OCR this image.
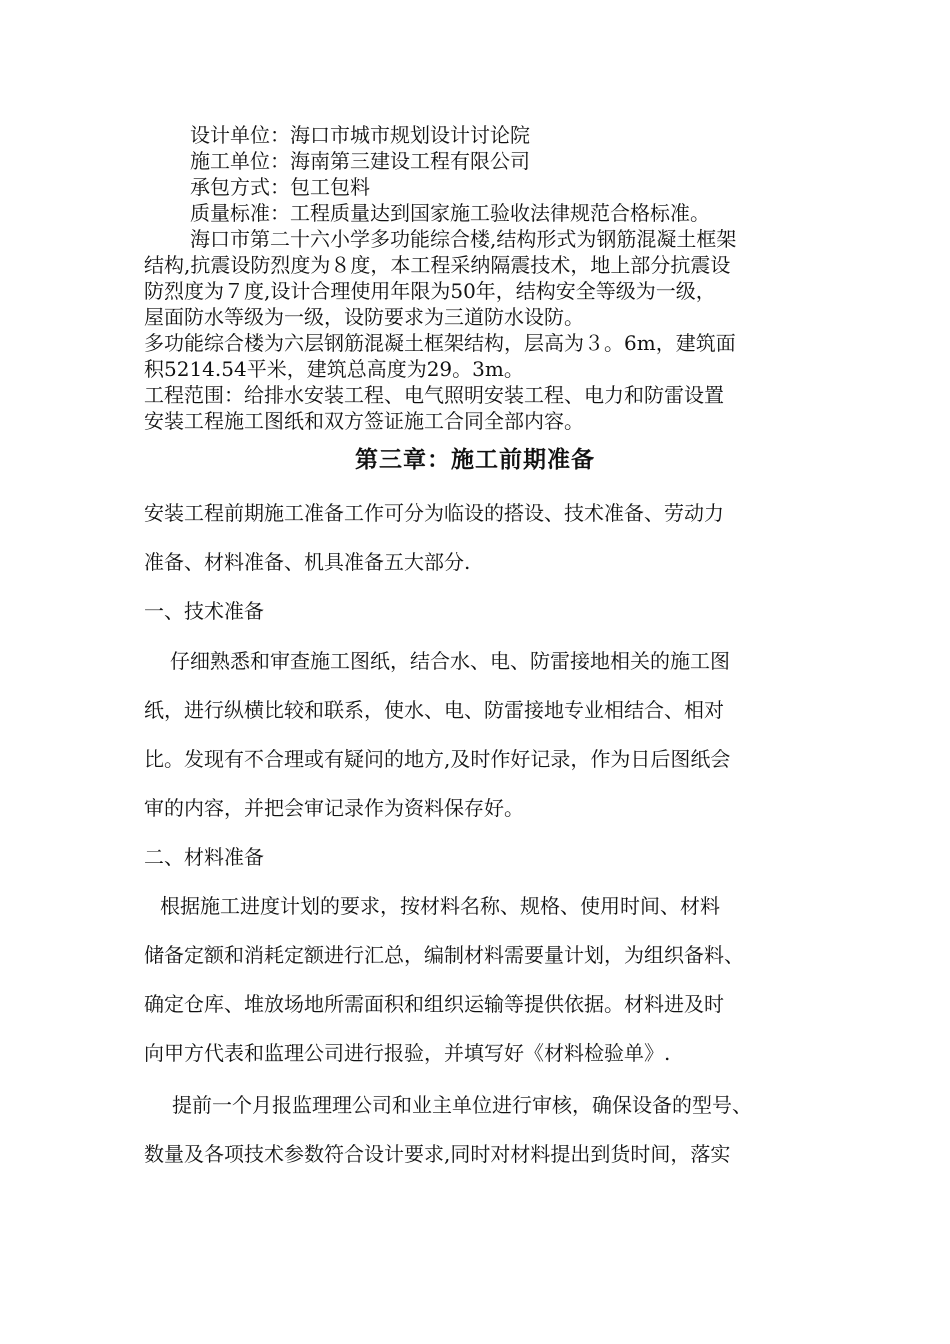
设计单位：海口市城市规划设计讨论院
施工单位：海南第三建设工程有限公司
承包方式：包工包料
质量标准：工程质量达到国家施工验收法律规范合格标准。
海口市第二十六小学多功能综合楼,结构形式为钢筋混凝土框架
结构,抗震设防烈度为８度，本工程采纳隔震技术，地上部分抗震设
防烈度为７度,设计合理使用年限为50年，结构安全等级为一级，
屋面防水等级为一级，设防要求为三道防水设防。
多功能综合楼为六层钢筋混凝土框架结构，层高为３。6m，建筑面
积5214.54平米，建筑总高度为29。3m。
工程范围：给排水安装工程、电气照明安装工程、电力和防雷设置
安装工程施工图纸和双方签证施工合同全部内容。
第三章：施工前期准备
安装工程前期施工准备工作可分为临设的搭设、技术准备、劳动力
准备、材料准备、机具准备五大部分.
一、技术准备
仔细熟悉和审查施工图纸，结合水、电、防雷接地相关的施工图
纸，进行纵横比较和联系，使水、电、防雷接地专业相结合、相对
比。发现有不合理或有疑问的地方,及时作好记录，作为日后图纸会
审的内容，并把会审记录作为资料保存好。
二、材料准备
根据施工进度计划的要求，按材料名称、规格、使用时间、材料
储备定额和消耗定额进行汇总，编制材料需要量计划，为组织备料、
确定仓库、堆放场地所需面积和组织运输等提供依据。材料进及时
向甲方代表和监理公司进行报验，并填写好《材料检验单》.
提前一个月报监理理公司和业主单位进行审核，确保设备的型号、
数量及各项技术参数符合设计要求,同时对材料提出到货时间，落实
